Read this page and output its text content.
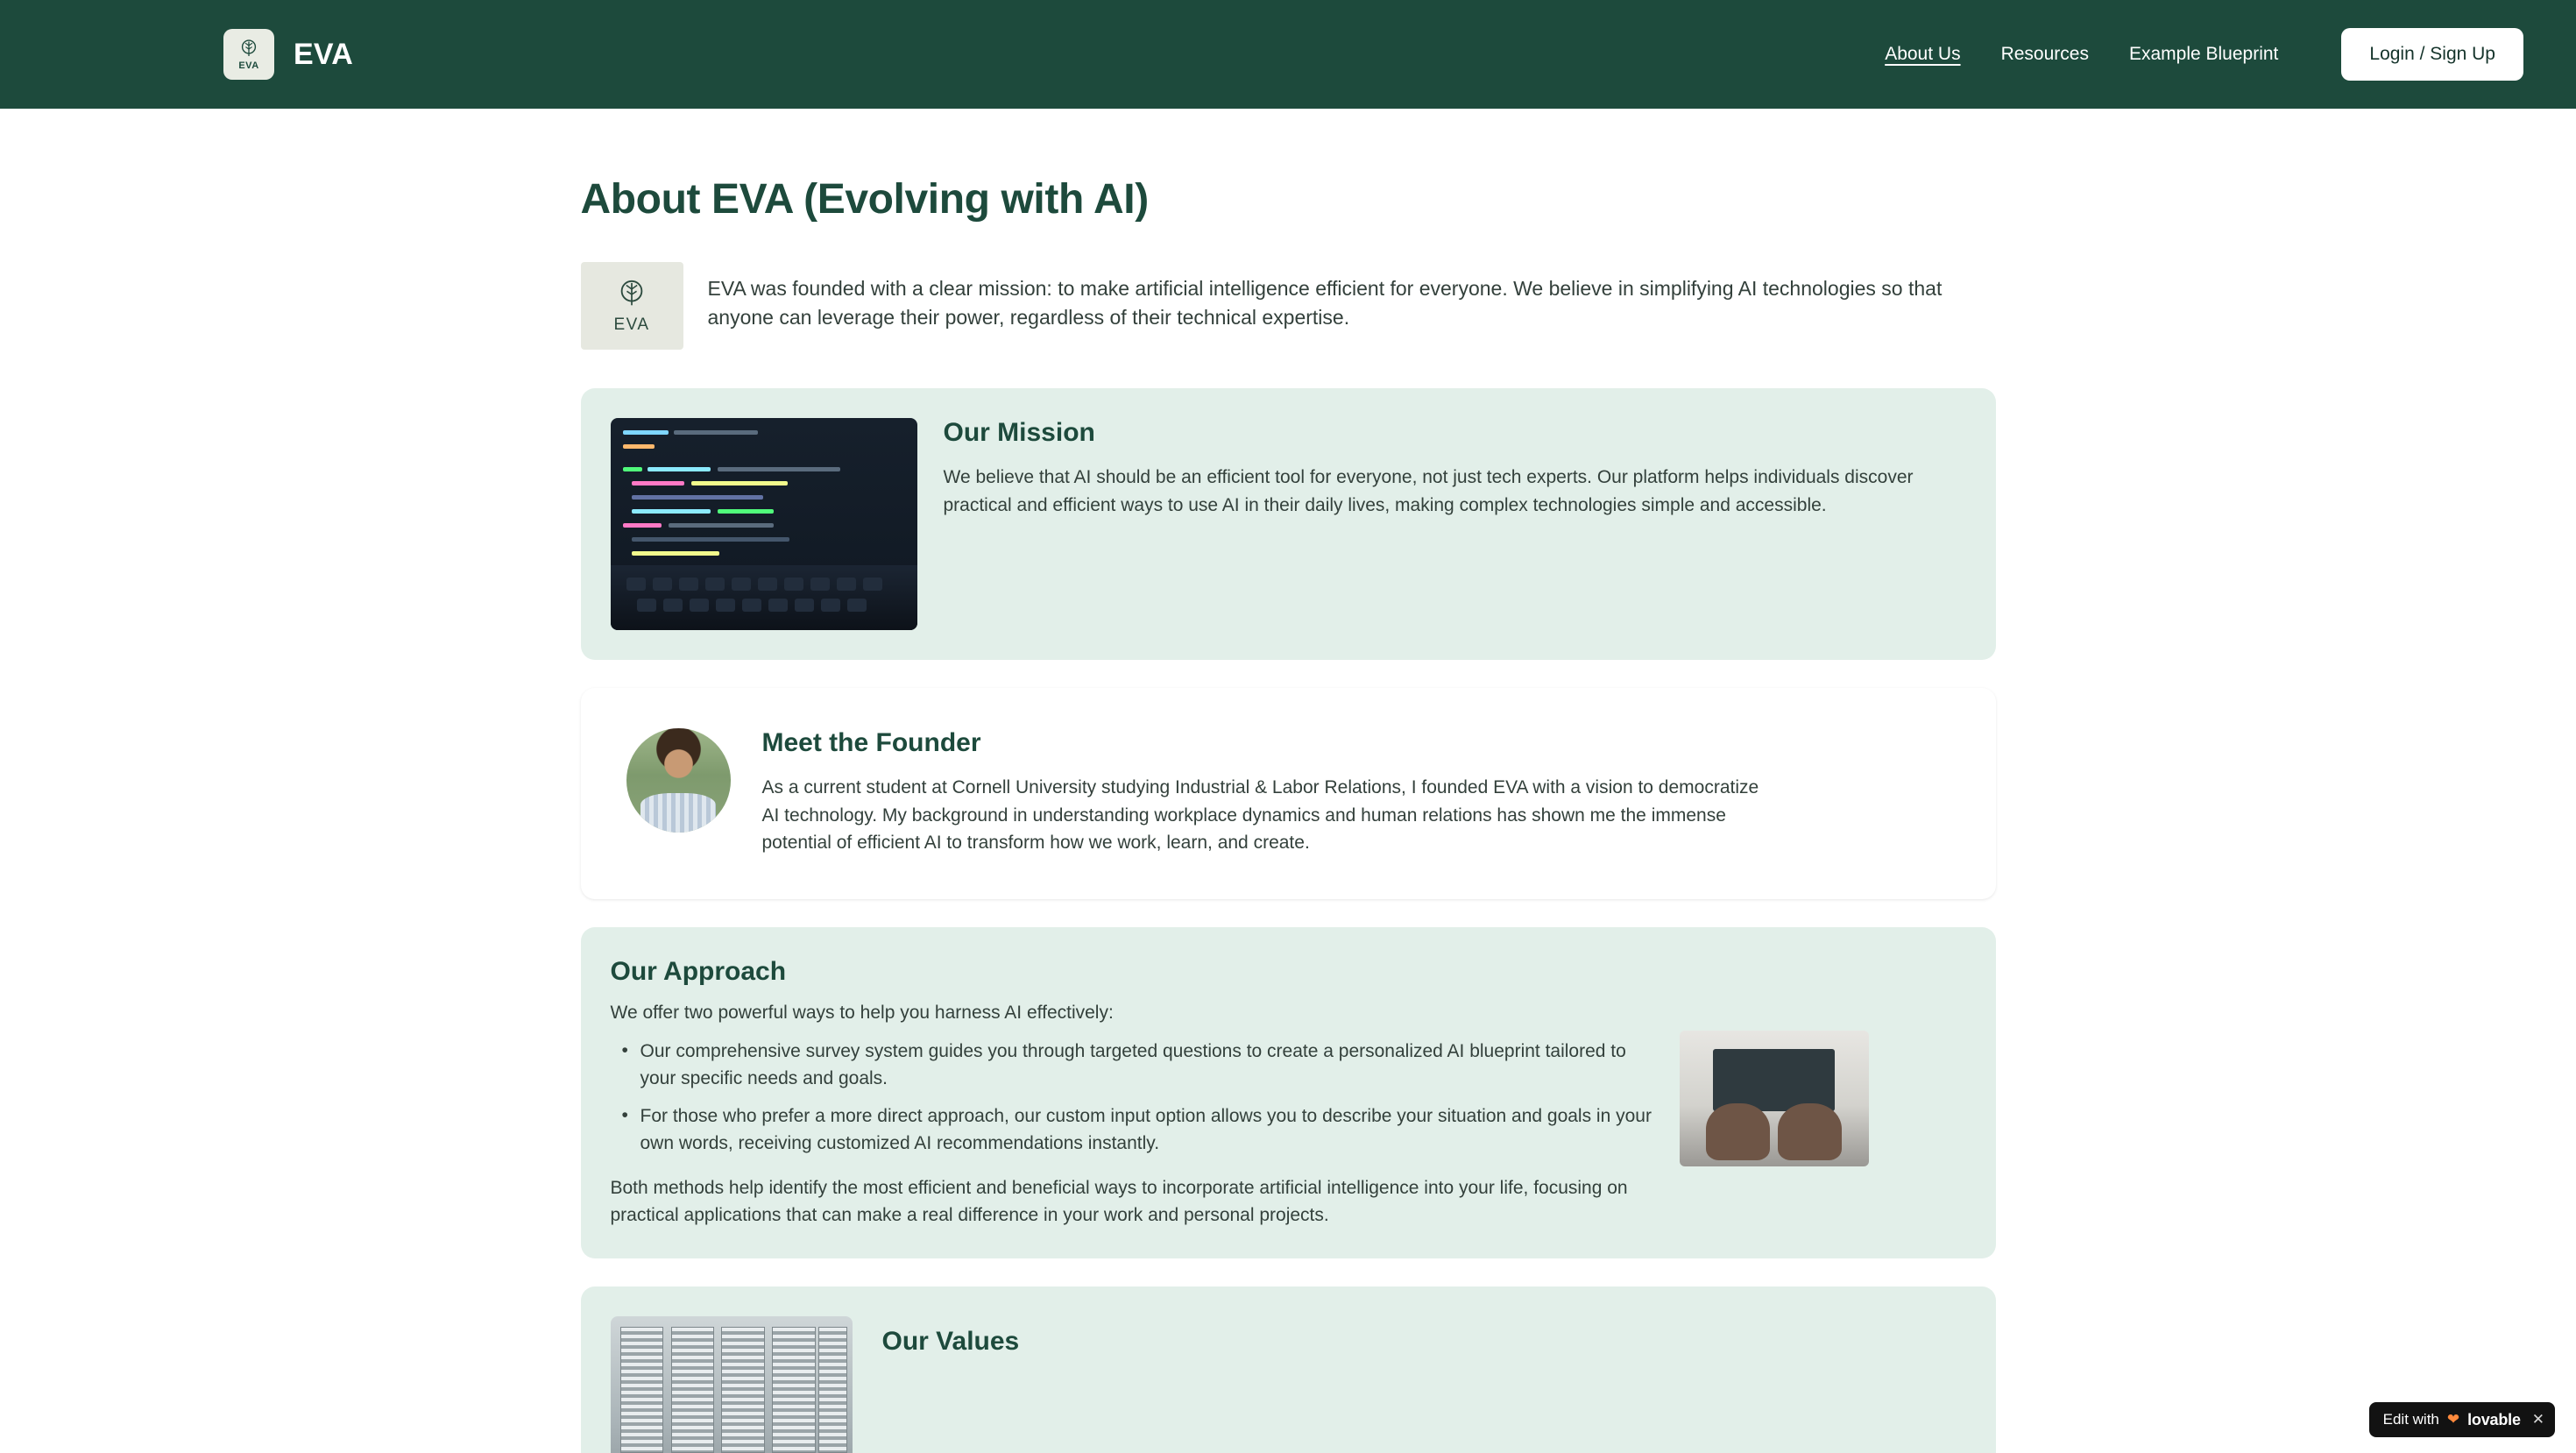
EVA EVA	About Us Resources Example Blueprint	Login / Sign Up
About EVA (Evolving with AI)
EVA

EVA was founded with a clear mission: to make artificial intelligence efficient for everyone. We believe in simplifying AI technologies so that anyone can leverage their power, regardless of their technical expertise.

Our Mission

We believe that AI should be an efficient tool for everyone, not just tech experts. Our platform helps individuals discover practical and efficient ways to use AI in their daily lives, making complex technologies simple and accessible.

Meet the Founder

As a current student at Cornell University studying Industrial & Labor Relations, I founded EVA with a vision to democratize AI technology. My background in understanding workplace dynamics and human relations has shown me the immense potential of efficient AI to transform how we work, learn, and create.

Our Approach

We offer two powerful ways to help you harness AI effectively:

• Our comprehensive survey system guides you through targeted questions to create a personalized AI blueprint tailored to your specific needs and goals.
• For those who prefer a more direct approach, our custom input option allows you to describe your situation and goals in your own words, receiving customized AI recommendations instantly.

Both methods help identify the most efficient and beneficial ways to incorporate artificial intelligence into your life, focusing on practical applications that can make a real difference in your work and personal projects.

Our Values
Edit with ❤ lovable ✕
